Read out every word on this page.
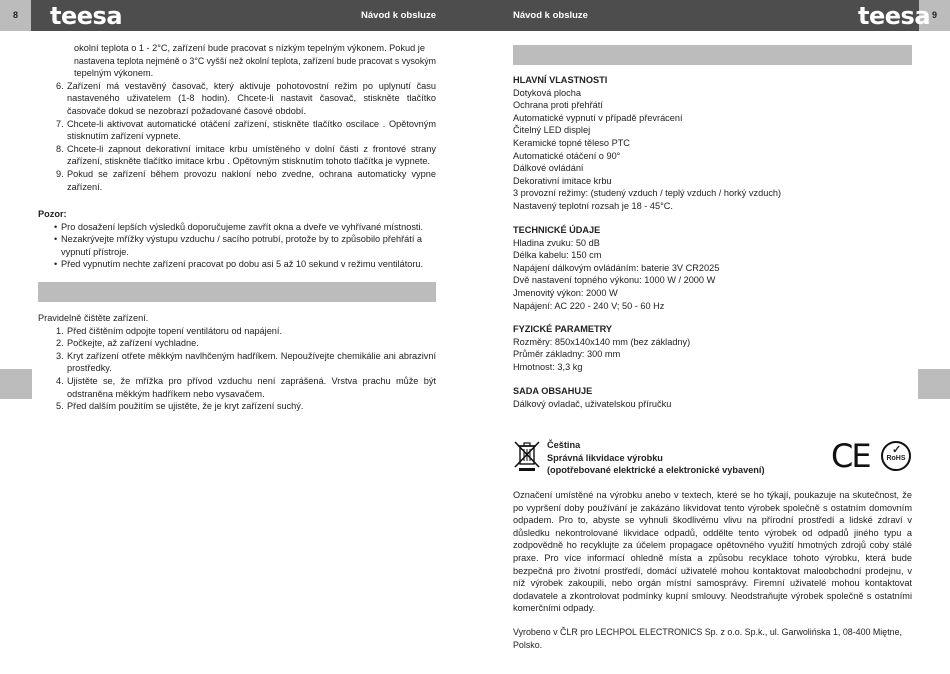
8	9
teesa	teesa
Návod k obsluze	Návod k obsluze
okolní teplota o 1 - 2°C, zařízení bude pracovat s nízkým tepelným výkonem. Pokud je
nastavena teplota nejméně o 3°C vyšší než okolní teplota, zařízení bude pracovat s vysokým
tepelným výkonem.
6. Zařízení má vestavěný časovač, který aktivuje pohotovostní režim po uplynutí času nastaveného uživatelem (1-8 hodin). Chcete-li nastavit časovač, stiskněte tlačítko časovače dokud se nezobrazí požadované časové období.
7. Chcete-li aktivovat automatické otáčení zařízení, stiskněte tlačítko oscilace . Opětovným stisknutím zařízení vypnete.
8. Chcete-li zapnout dekorativní imitace krbu umístěného v dolní části z frontové strany zařízení, stiskněte tlačítko imitace krbu . Opětovným stisknutím tohoto tlačítka je vypnete.
9. Pokud se zařízení během provozu nakloní nebo zvedne, ochrana automaticky vypne zařízení.
Pozor:
• Pro dosažení lepších výsledků doporučujeme zavřít okna a dveře ve vyhřívané místnosti.
• Nezakrývejte mřížky výstupu vzduchu / sacího potrubí, protože by to způsobilo přehřátí a vypnutí přístroje.
• Před vypnutím nechte zařízení pracovat po dobu asi 5 až 10 sekund v režimu ventilátoru.
Pravidelně čištěte zařízení.
1. Před čištěním odpojte topení ventilátoru od napájení.
2. Počkejte, až zařízení vychladne.
3. Kryt zařízení otřete měkkým navlhčeným hadříkem. Nepoužívejte chemikálie ani abrazivní prostředky.
4. Ujistěte se, že mřížka pro přívod vzduchu není zaprášená. Vrstva prachu může být odstraněna měkkým hadříkem nebo vysavačem.
5. Před dalším použitím se ujistěte, že je kryt zařízení suchý.
HLAVNÍ VLASTNOSTI
Dotyková plocha
Ochrana proti přehřátí
Automatické vypnutí v případě převrácení
Čitelný LED displej
Keramické topné těleso PTC
Automatické otáčení o 90°
Dálkové ovládání
Dekorativní imitace krbu
3 provozní režimy: (studený vzduch / teplý vzduch / horký vzduch)
Nastavený teplotní rozsah je 18 - 45°C.
TECHNICKÉ ÚDAJE
Hladina zvuku: 50 dB
Délka kabelu: 150 cm
Napájení dálkovým ovládáním: baterie 3V CR2025
Dvě nastavení topného výkonu: 1000 W / 2000 W
Jmenovitý výkon: 2000 W
Napájení: AC 220 - 240 V; 50 - 60 Hz
FYZICKÉ PARAMETRY
Rozměry: 850x140x140 mm (bez základny)
Průměr základny: 300 mm
Hmotnost: 3,3 kg
SADA OBSAHUJE
Dálkový ovladač, uživatelskou příručku
Čeština
Správná likvidace výrobku
(opotřebované elektrické a elektronické vybavení)	CE ✓
RoHS
Označení umístěné na výrobku anebo v textech, které se ho týkají, poukazuje na skutečnost, že po vypršení doby používání je zakázáno likvidovat tento výrobek společně s ostatním domovním odpadem. Pro to, abyste se vyhnuli škodlivému vlivu na přírodní prostředí a lidské zdraví v důsledku nekontrolované likvidace odpadů, oddělte tento výrobek od odpadů jiného typu a zodpovědně ho recyklujte za účelem propagace opětovného využití hmotných zdrojů coby stálé praxe. Pro více informací ohledně místa a způsobu recyklace tohoto výrobku, která bude bezpečná pro životní prostředí, domácí uživatelé mohou kontaktovat maloobchodní prodejnu, v níž výrobek zakoupili, nebo orgán místní samosprávy. Firemní uživatelé mohou kontaktovat dodavatele a zkontrolovat podmínky kupní smlouvy. Neodstraňujte výrobek společně s ostatními komerčními odpady.
Vyrobeno v ČLR pro LECHPOL ELECTRONICS Sp. z o.o. Sp.k., ul. Garwolińska 1, 08-400 Miętne, Polsko.
